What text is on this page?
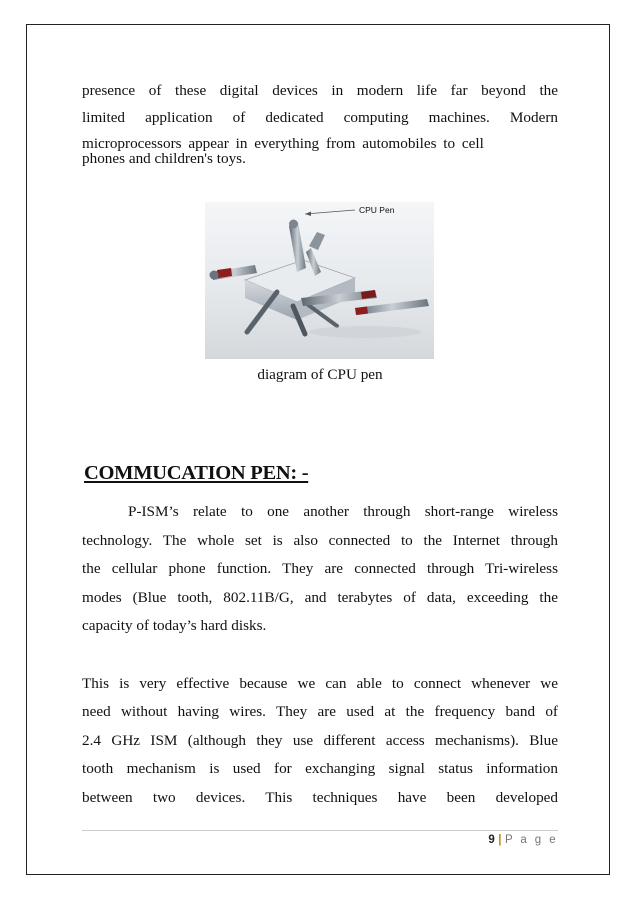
presence of these digital devices in modern life far beyond the
limited application of dedicated computing machines. Modern
microprocessors appear in everything from automobiles to cell
phones and children's toys.
CPU Pen
diagram of CPU pen
COMMUCATION PEN: -
P-ISM’s relate to one another through short-range wireless
technology. The whole set is also connected to the Internet through
the cellular phone function. They are connected through Tri-wireless
modes (Blue tooth, 802.11B/G, and terabytes of data, exceeding the
capacity of today’s hard disks.
This is very effective because we can able to connect whenever we
need without having wires. They are used at the frequency band of
2.4 GHz ISM (although they use different access mechanisms). Blue
tooth mechanism is used for exchanging signal status information
between two devices. This techniques have been developed
9 | P a g e
